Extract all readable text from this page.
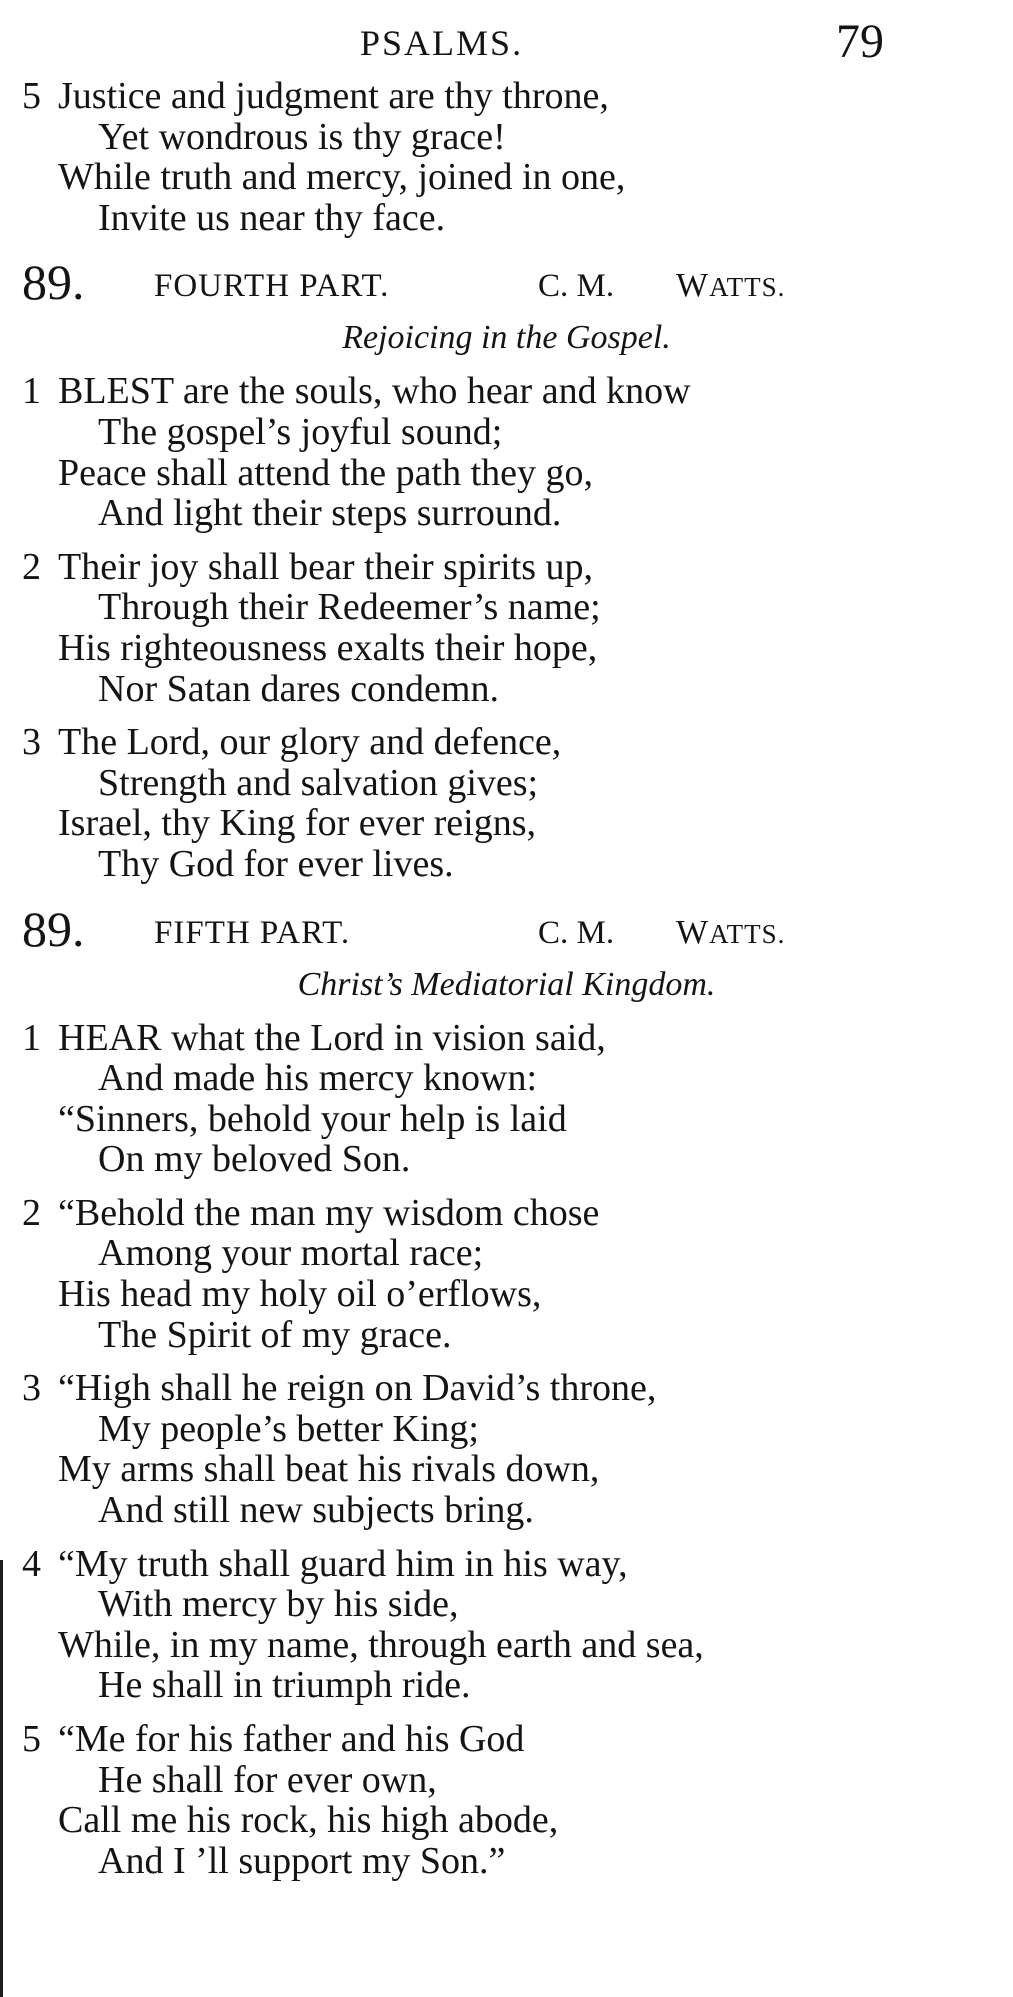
PSALMS.	79
5 Justice and judgment are thy throne,
Yet wondrous is thy grace!
While truth and mercy, joined in one,
Invite us near thy face.
89. FOURTH PART.	C. M. WATTS.
Rejoicing in the Gospel.
1 BLEST are the souls, who hear and know
The gospel’s joyful sound;
Peace shall attend the path they go,
And light their steps surround.
2 Their joy shall bear their spirits up,
Through their Redeemer’s name;
His righteousness exalts their hope,
Nor Satan dares condemn.
3 The Lord, our glory and defence,
Strength and salvation gives;
Israel, thy King for ever reigns,
Thy God for ever lives.
89. FIFTH PART.	C. M. WATTS.
Christ’s Mediatorial Kingdom.
1 HEAR what the Lord in vision said,
And made his mercy known:
“Sinners, behold your help is laid
On my beloved Son.
2 “Behold the man my wisdom chose
Among your mortal race;
His head my holy oil o’erflows,
The Spirit of my grace.
3 “High shall he reign on David’s throne,
My people’s better King;
My arms shall beat his rivals down,
And still new subjects bring.
4 “My truth shall guard him in his way,
With mercy by his side,
While, in my name, through earth and sea,
He shall in triumph ride.
5 “Me for his father and his God
He shall for ever own,
Call me his rock, his high abode,
And I ’ll support my Son.”
